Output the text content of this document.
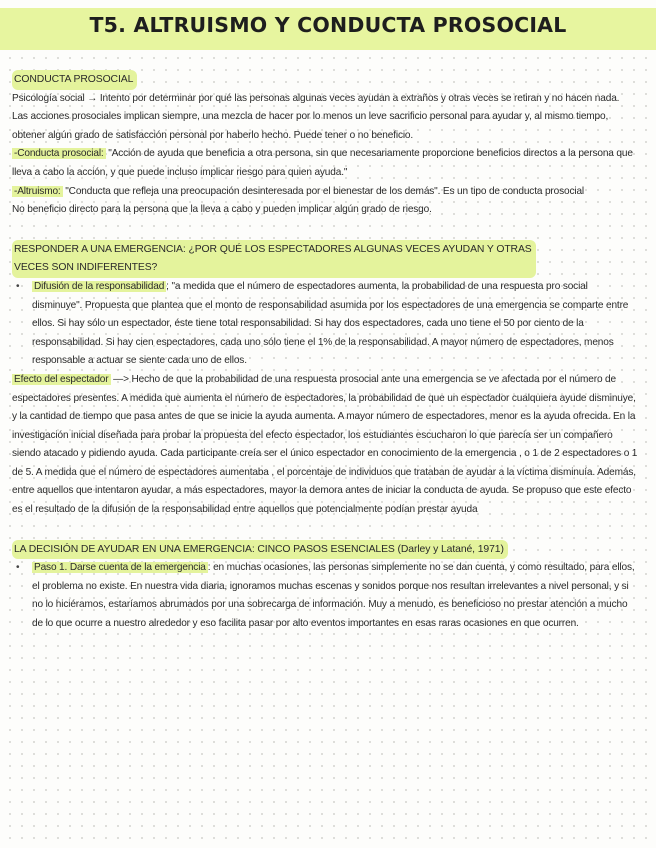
T5. ALTRUISMO Y CONDUCTA PROSOCIAL
CONDUCTA PROSOCIAL

Psicología social → Intento por determinar por qué las personas algunas veces ayudan a extraños y otras veces se retiran y no hacen nada.

Las acciones prosociales implican siempre, una mezcla de hacer por lo menos un leve sacrificio personal para ayudar y, al mismo tiempo, obtener algún grado de satisfacción personal por haberlo hecho. Puede tener o no beneficio.

-Conducta prosocial: "Acción de ayuda que beneficia a otra persona, sin que necesariamente proporcione beneficios directos a la persona que lleva a cabo la acción, y que puede incluso implicar riesgo para quien ayuda."

-Altruismo: "Conducta que refleja una preocupación desinteresada por el bienestar de los demás". Es un tipo de conducta prosocial

No beneficio directo para la persona que la lleva a cabo y pueden implicar algún grado de riesgo.

RESPONDER A UNA EMERGENCIA: ¿POR QUÉ LOS ESPECTADORES ALGUNAS VECES AYUDAN Y OTRAS
VECES SON INDIFERENTES?
• Difusión de la responsabilidad ; "a medida que el número de espectadores aumenta, la probabilidad de una respuesta pro social disminuye". Propuesta que plantea que el monto de responsabilidad asumida por los espectadores de una emergencia se comparte entre ellos. Si hay sólo un espectador, éste tiene total responsabilidad. Si hay dos espectadores, cada uno tiene el 50 por ciento de la responsabilidad. Si hay cien espectadores, cada uno sólo tiene el 1% de la responsabilidad. A mayor número de espectadores, menos responsable a actuar se siente cada uno de ellos.

Efecto del espectador —> Hecho de que la probabilidad de una respuesta prosocial ante una emergencia se ve afectada por el número de espectadores presentes. A medida que aumenta el número de espectadores, la probabilidad de que un espectador cualquiera ayude disminuye, y la cantidad de tiempo que pasa antes de que se inicie la ayuda aumenta. A mayor número de espectadores, menor es la ayuda ofrecida. En la investigación inicial diseñada para probar la propuesta del efecto espectador, los estudiantes escucharon lo que parecía ser un compañero siendo atacado y pidiendo ayuda. Cada participante creía ser el único espectador en conocimiento de la emergencia , o 1 de 2 espectadores o 1 de 5. A medida que el número de espectadores aumentaba , el porcentaje de individuos que trataban de ayudar a la víctima disminuía. Además, entre aquellos que intentaron ayudar, a más espectadores, mayor la demora antes de iniciar la conducta de ayuda. Se propuso que este efecto es el resultado de la difusión de la responsabilidad entre aquellos que potencialmente podían prestar ayuda

LA DECISIÓN DE AYUDAR EN UNA EMERGENCIA: CINCO PASOS ESENCIALES (Darley y Latané, 1971)
• Paso 1. Darse cuenta de la emergencia : en muchas ocasiones, las personas simplemente no se dan cuenta, y como resultado, para ellos, el problema no existe. En nuestra vida diaria, ignoramos muchas escenas y sonidos porque nos resultan irrelevantes a nivel personal, y si no lo hiciéramos, estaríamos abrumados por una sobrecarga de información. Muy a menudo, es beneficioso no prestar atención a mucho de lo que ocurre a nuestro alrededor y eso facilita pasar por alto eventos importantes en esas raras ocasiones en que ocurren.
